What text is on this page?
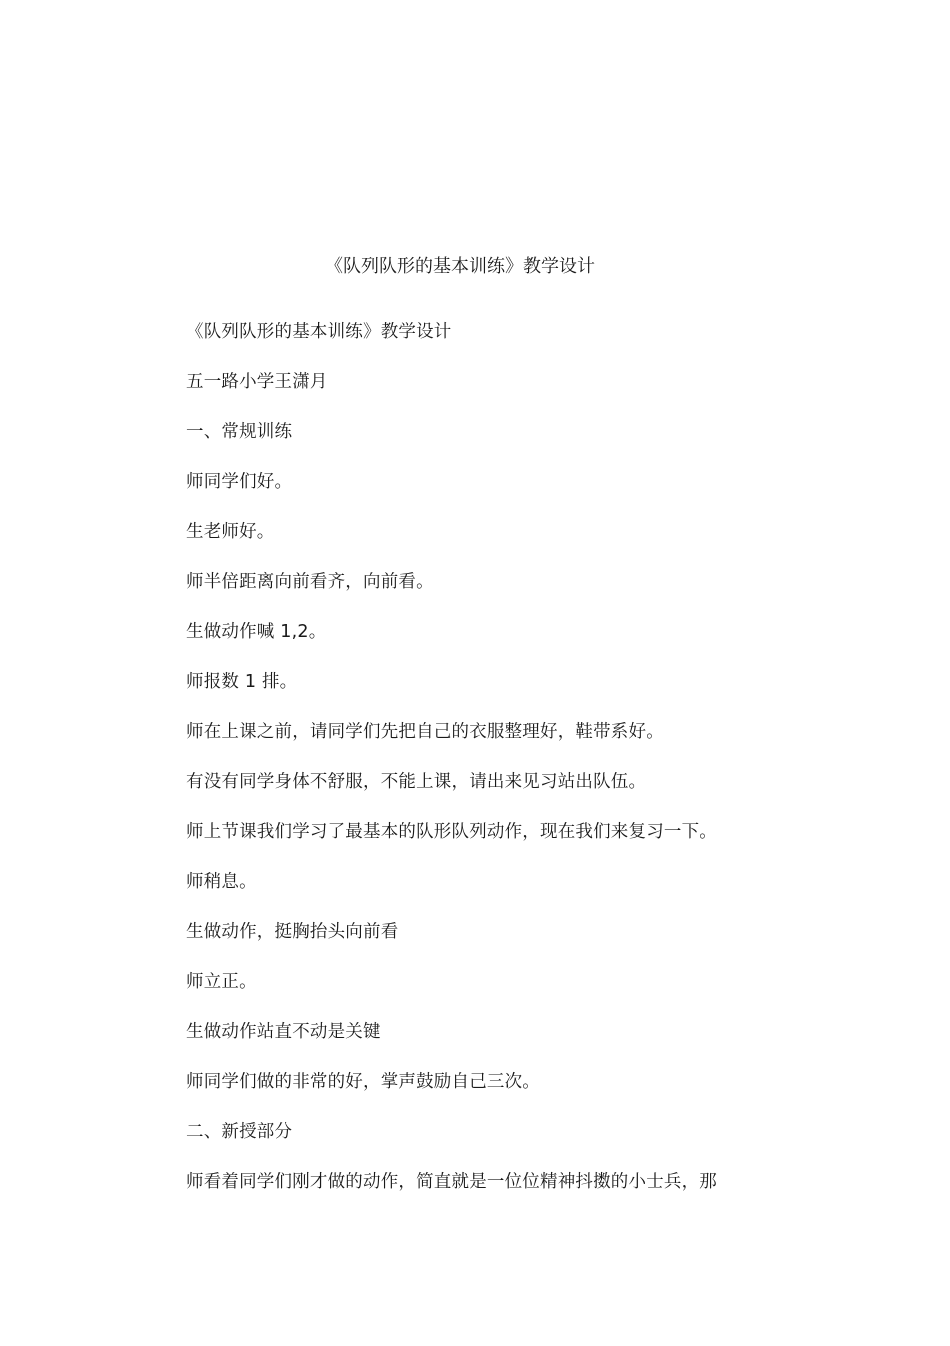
《队列队形的基本训练》教学设计
《队列队形的基本训练》教学设计
五一路小学王潇月
一、常规训练
师同学们好。
生老师好。
师半倍距离向前看齐，向前看。
生做动作喊 1,2。
师报数 1 排。
师在上课之前，请同学们先把自己的衣服整理好，鞋带系好。
有没有同学身体不舒服，不能上课，请出来见习站出队伍。
师上节课我们学习了最基本的队形队列动作，现在我们来复习一下。
师稍息。
生做动作，挺胸抬头向前看
师立正。
生做动作站直不动是关键
师同学们做的非常的好，掌声鼓励自己三次。
二、新授部分
师看着同学们刚才做的动作，简直就是一位位精神抖擞的小士兵，那
